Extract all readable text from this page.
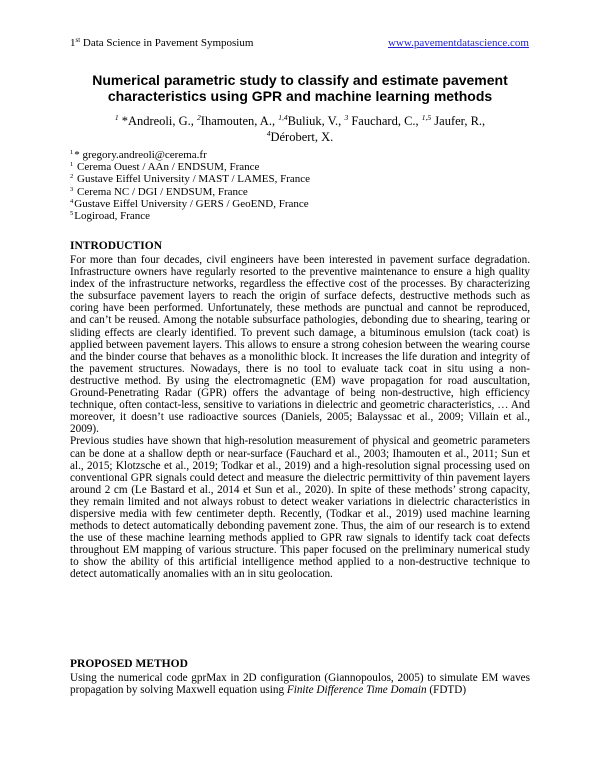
1st Data Science in Pavement Symposium	www.pavementdatascience.com
Numerical parametric study to classify and estimate pavement characteristics using GPR and machine learning methods
$^1$ *Andreoli, G., $^2$Ihamouten, A., $^{1,4}$Buliuk, V., $^3$ Fauchard, C., $^{1,5}$ Jaufer, R.,
$^4$Dérobert, X.
$^1$* gregory.andreoli@cerema.fr
$^1$ Cerema Ouest / AAn / ENDSUM, France
$^2$ Gustave Eiffel University / MAST / LAMES, France
$^3$ Cerema NC / DGI / ENDSUM, France
$^4$Gustave Eiffel University / GERS / GeoEND, France
$^5$Logiroad, France
INTRODUCTION

For more than four decades, civil engineers have been interested in pavement surface degradation. Infrastructure owners have regularly resorted to the preventive maintenance to ensure a high quality index of the infrastructure networks, regardless the effective cost of the processes. By characterizing the subsurface pavement layers to reach the origin of surface defects, destructive methods such as coring have been performed. Unfortunately, these methods are punctual and cannot be reproduced, and can’t be reused. Among the notable subsurface pathologies, debonding due to shearing, tearing or sliding effects are clearly identified. To prevent such damage, a bituminous emulsion (tack coat) is applied between pavement layers. This allows to ensure a strong cohesion between the wearing course and the binder course that behaves as a monolithic block. It increases the life duration and integrity of the pavement structures. Nowadays, there is no tool to evaluate tack coat in situ using a non-destructive method. By using the electromagnetic (EM) wave propagation for road auscultation, Ground-Penetrating Radar (GPR) offers the advantage of being non-destructive, high efficiency technique, often contact-less, sensitive to variations in dielectric and geometric characteristics, … And moreover, it doesn’t use radioactive sources (Daniels, 2005; Balayssac et al., 2009; Villain et al., 2009).

Previous studies have shown that high-resolution measurement of physical and geometric parameters can be done at a shallow depth or near-surface (Fauchard et al., 2003; Ihamouten et al., 2011; Sun et al., 2015; Klotzsche et al., 2019; Todkar et al., 2019) and a high-resolution signal processing used on conventional GPR signals could detect and measure the dielectric permittivity of thin pavement layers around 2 cm (Le Bastard et al., 2014 et Sun et al., 2020). In spite of these methods’ strong capacity, they remain limited and not always robust to detect weaker variations in dielectric characteristics in dispersive media with few centimeter depth. Recently, (Todkar et al., 2019) used machine learning methods to detect automatically debonding pavement zone. Thus, the aim of our research is to extend the use of these machine learning methods applied to GPR raw signals to identify tack coat defects throughout EM mapping of various structure. This paper focused on the preliminary numerical study to show the ability of this artificial intelligence method applied to a non-destructive technique to detect automatically anomalies with an in situ geolocation.

PROPOSED METHOD

Using the numerical code gprMax in 2D configuration (Giannopoulos, 2005) to simulate EM waves propagation by solving Maxwell equation using Finite Difference Time Domain (FDTD)
